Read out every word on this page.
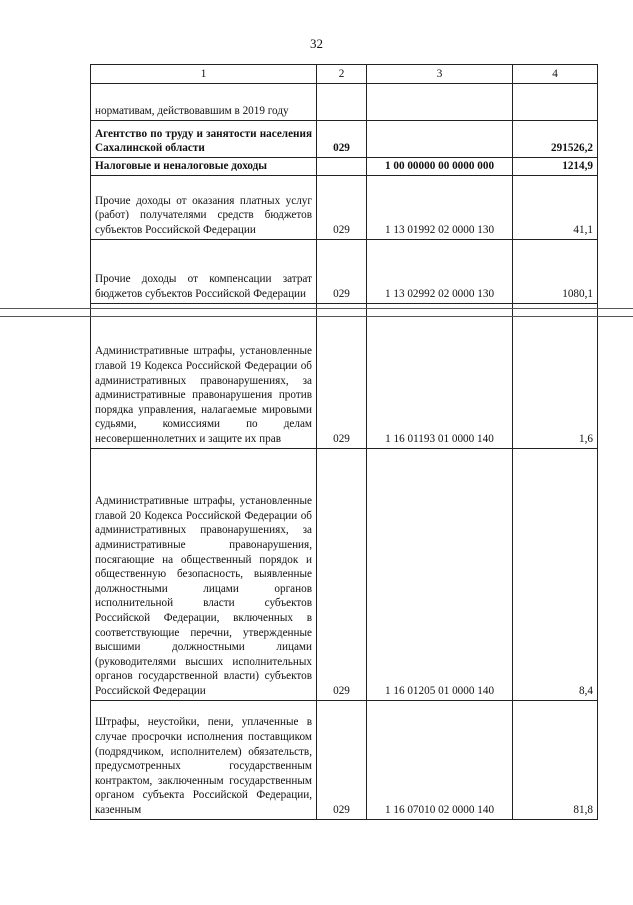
32
1	2	3	4
нормативам, действовавшим в 2019 году			
Агентство по труду и занятости населения Сахалинской области	029		291526,2
Налоговые и неналоговые доходы		1 00 00000 00 0000 000	1214,9
Прочие доходы от оказания платных услуг (работ) получателями средств бюджетов субъектов Российской Федерации	029	1 13 01992 02 0000 130	41,1
Прочие доходы от компенсации затрат бюджетов субъектов Российской Федерации	029	1 13 02992 02 0000 130	1080,1
Административные штрафы, установленные главой 19 Кодекса Российской Федерации об административных правонарушениях, за административные правонарушения против порядка управления, налагаемые мировыми судьями, комиссиями по делам несовершеннолетних и защите их прав	029	1 16 01193 01 0000 140	1,6
Административные штрафы, установленные главой 20 Кодекса Российской Федерации об административных правонарушениях, за административные правонарушения, посягающие на общественный порядок и общественную безопасность, выявленные должностными лицами органов исполнительной власти субъектов Российской Федерации, включенных в соответствующие перечни, утвержденные высшими должностными лицами (руководителями высших исполнительных органов государственной власти) субъектов Российской Федерации	029	1 16 01205 01 0000 140	8,4
Штрафы, неустойки, пени, уплаченные в случае просрочки исполнения поставщиком (подрядчиком, исполнителем) обязательств, предусмотренных государственным контрактом, заключенным государственным органом субъекта Российской Федерации, казенным	029	1 16 07010 02 0000 140	81,8
